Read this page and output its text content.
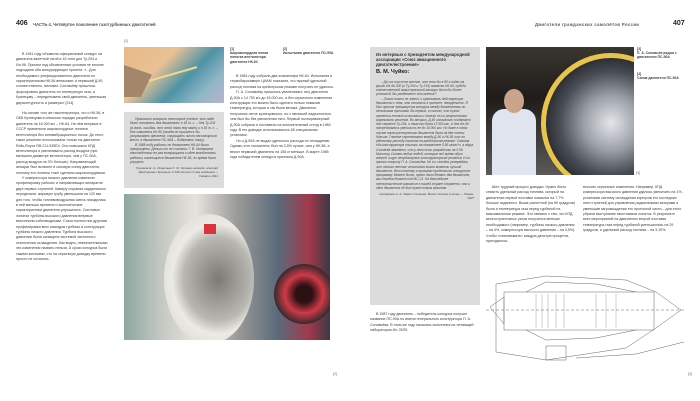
406 ЧАСТЬ 4. Четвёртое поколение газотурбинных двигателей

В 1981 году объявили официальный конкурс на двигатель взлетной тягой в 16 тонн для Ту-204 и Ил-96. Причем под объявленные условия не вполне подходили оба конкурирующих проекта. «...Для необходимого унифицированного двигателя по характеристикам НК-56 великоват, а пермский Д-90, соответственно, маловат. Соловьёву пришлось форсировать двигатель по температуре газа, а Кузнецову – переделывать свой двигатель, уменьшая двухконтурность и размеры» [114].

На основе того же газогенератора, что и НК-56, в ОКБ Кузнецова в спешном порядке разработали двигатель на 16 000 кгс – НК-64. На нём впервые в СССР применили широкохордные лопатки вентилятора без антивибрационных полок. До этого такое решение использовали только на двигателе Rolls-Royce RB 211-535E4. Оно повышало КПД вентилятора и увеличивало расход воздуха (при меньшем диаметре вентилятора, чем у ПС-90А, расход воздуха на 3% больше). Направляющий аппарат был включен в силовую схему двигателя, поэтому его лопатки тоже сделаны широкохордными.

У компрессора низкого давления изменили профилировку рабочих и направляющих аппаратов двух первых ступеней. Камеру сгорания кардинально переделали, жаровую трубу уменьшили на 120 мм для того, чтобы топливовоздушная смесь находилась в ней меньше времени и экологические характеристики двигателя улучшились. Сопловые лопатки турбины высокого давления впервые выполнили собловыдными. Стали полностью другими профилировка всех каскадов турбины и конструкция турбины низкого давления. Турбина высокого давления была оснащена системой частичного отключения охлаждения. Как видно, незначительными эти изменения назвать нельзя. А сроки конкурса были такими жесткими, что на серьезную доводку времени просто не осталось.

[1]
[1]
Широкохордная полая лопатка вентилятора двигателя НК-64
[2]
Испытания двигателя ПС-90А

Правильно говорили некоторые ученые, что надо было оставить два двигателя: в 16 т. с. – для Ту-204 (а жаль, ошибка, что этой тяги ему мало) и в 18 т. с. – для самолета Ил-96 (тогда не пришлось бы укорачивать фюзеляж, сокращать число пассажирских мест, а двигателю ПС-90А – добавлять тягу).

В 1988 году работы по двигателю НК-64 были прекращены. Деньги то не считали. Г. В. Новожилов впоследствии не раз возвращался к идее возобновить работы, касающиеся двигателя НК-56, но время было упущено.

Грешнов Е. А., Игнатьев С. М. Человек-легенда. Николай Дмитриевич Кузнецов. К 100-летию со дня рождения. – Самара, 2011

В 1984 году собрали два экземпляра НК-64. Испытания в термобарокамере ЦИАМ показали, что нужный удельный расход топлива на крейсерском режиме получить не удалось.

П. А. Соловьёву пришлось увеличивать тягу двигателя Д-90А с 14 750 кгс до 16 000 кгс, а без серьезного изменения конструкции это можно было сделать только повысив температуру, которая и так была велика. Двигатель получался легче кузнецовского, но с меньшей надежностью, чем был бы без увеличения тяги. Первый полноразмерный Д-90А собрали и поставили на испытательный стенд в 1983 году. В его доводке использовалось 65 специальных установок.

Но и Д-90А не выдал удельного расхода по техзаданию. Однако этот показатель был на 3,5% лучше, чем у НК-56, а весил пермский двигатель на 158 кг меньше. В марте 1985 года победителем конкурса признали Д-90А.

[2]
Двигатели гражданских самолётов России	407
Из интервью с президентом международной ассоциации «Союз авиационного двигателестроения»
В. М. Чуйко:

– До сих пор есть мнение, что если бы в 80-х годах на крыло Ил-96-300 (и Ту-204 и Ту-214) оказался НК-56, судьба отечественной магистральной авиации была бы более успешной. Вы разделяете это мнение?

– Этого никто не знает, и сравнивать действующие двигатели с тем, что осталось в проекте, некорректно. Я был против прекращения конкурса между двигателями по нескольким причинам. Во-первых, я считал, что нужно провести летные испытания и только по их результатам сравнивать решения. Во-вторых, Д-90 изначально создавался под самолет Ту-204, и тяга его была 13 500 кгс. А для Ил-96 потребовалось увеличить ее до 16 000 кгс. Но даже в этом случае тяга кузнецовского двигателя была на две тонны больше. Главное соревнование между Д-90 и НК-56 шло по удельному расходу топлива на крейсерском режиме. Сначала оба конструктора сошлись на показателе 0,58 кг/кгс*ч, а вдруг Соловьёв заявляет, что у него есть разработки на 0,56. Министр Силаев любил людей, которые всё время идут вперед, ищут неординарные конструкторские решения. И он принял сторону П. А. Соловьёва. Но я и сегодня утверждаю, что только летные испытания могли выявить лучший двигатель. Вот поэтому я призывал продолжить конкурсную программу. Может быть, нужно было делать два двигателя, как сегодня делают под МС-21. На дальнейшее технологическое развитие в нашей стране сохранено, что и один двигатель не был нужен новым властям.

Несмеянов А. А. Павел Соловьёв. Взлет длиною в жизнь. – Пермь, 2007

В 1987 году двигатель – победитель конкурса получил название ПС-90А по имени генерального конструктора П. А. Соловьёва. В этом же году начались испытания на летающей лаборатории Ил-76ЛЛ.

[3]
[3]
П. А. Соловьёв рядом с двигателем ПС-90А
[4]
Схема двигателя ПС-90А

Шёл трудный процесс доводки. Нужно было снизить удельный расход топлива, который на двигателях первой поставки оказался на 7,7% больше заданного. Выше расчетной (на 89 градусов) была и температура газа перед турбиной на максимальном режиме. Это связано с тем, что КПД многоступенчатых узлов получился меньше необходимого (например, турбины низкого давления – на 4%, компрессора высокого давления – на 3,5%). Чтобы «отвоевывать» каждую десятую процента, приходилось

вносить серьезные изменения. Например, КПД компрессора высокого давления удалось увеличить на 1%, установив систему охлаждения корпусов его последних пяти ступеней для управления радиальными зазорами и уменьшив загромождения его проточной части – для этого убрали выступание хвостовиков лопаток. В результате всех мероприятий на двигателях второй поставки температура газа перед турбиной уменьшилась на 29 градусов, а удельный расход топлива – на 3,19%.

[4]
